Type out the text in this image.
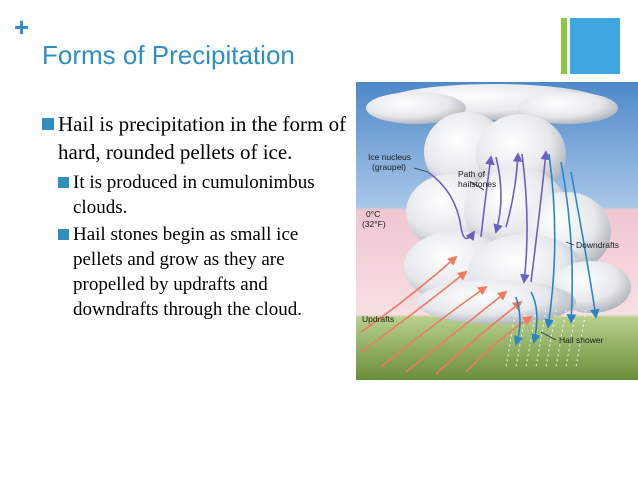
+
Forms of Precipitation
Hail is precipitation in the form of hard, rounded pellets of ice.
It is produced in cumulonimbus clouds.
Hail stones begin as small ice pellets and grow as they are propelled by updrafts and downdrafts through the cloud.
Ice nucleus
(graupel)
Path of
hailstones
0°C
(32°F)
Downdrafts
Updrafts
Hail shower
